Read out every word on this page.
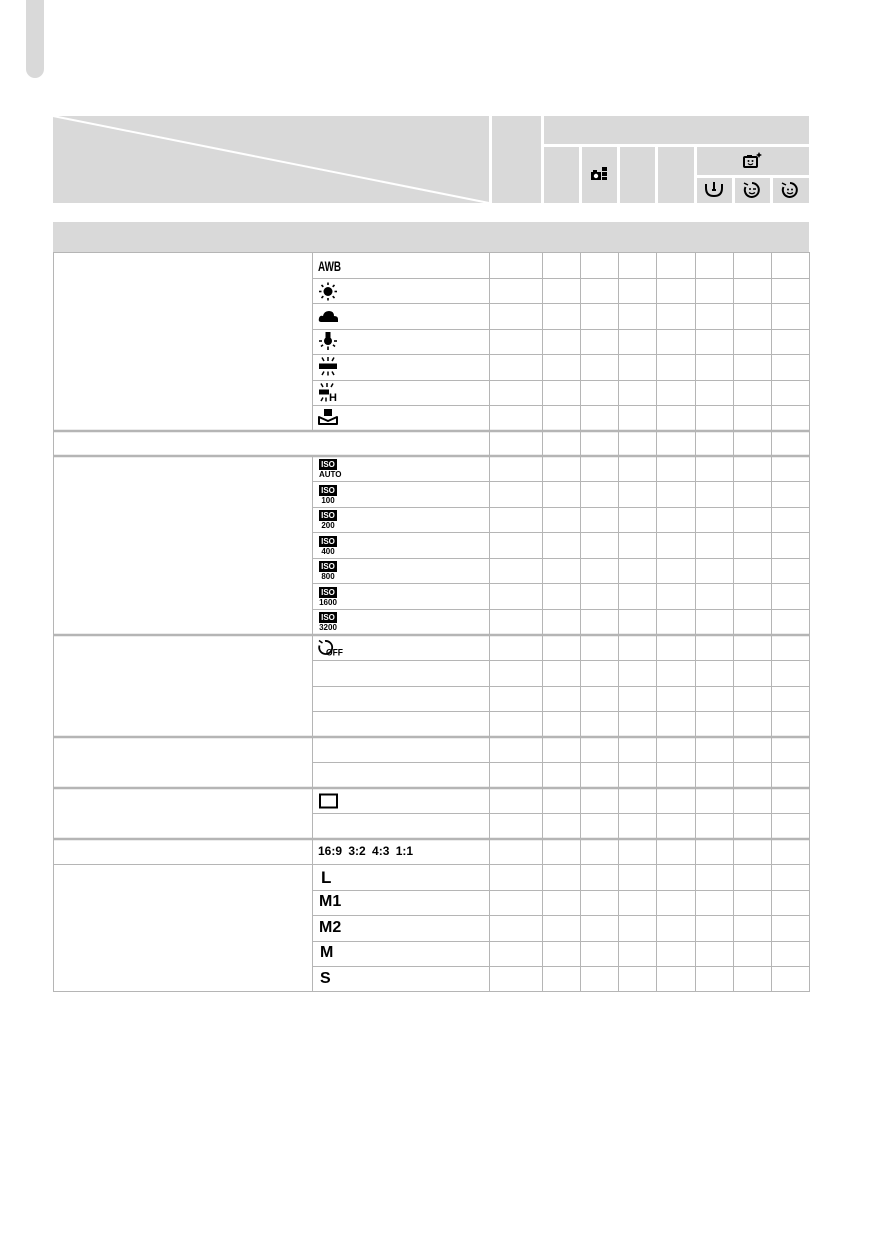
AWB
H
ISO
AUTO
ISO
100
ISO
200
ISO
400
ISO
800
ISO
1600
ISO
3200
OFF
16:9 3:2 4:3 1:1
L
M1
M2
M
S
